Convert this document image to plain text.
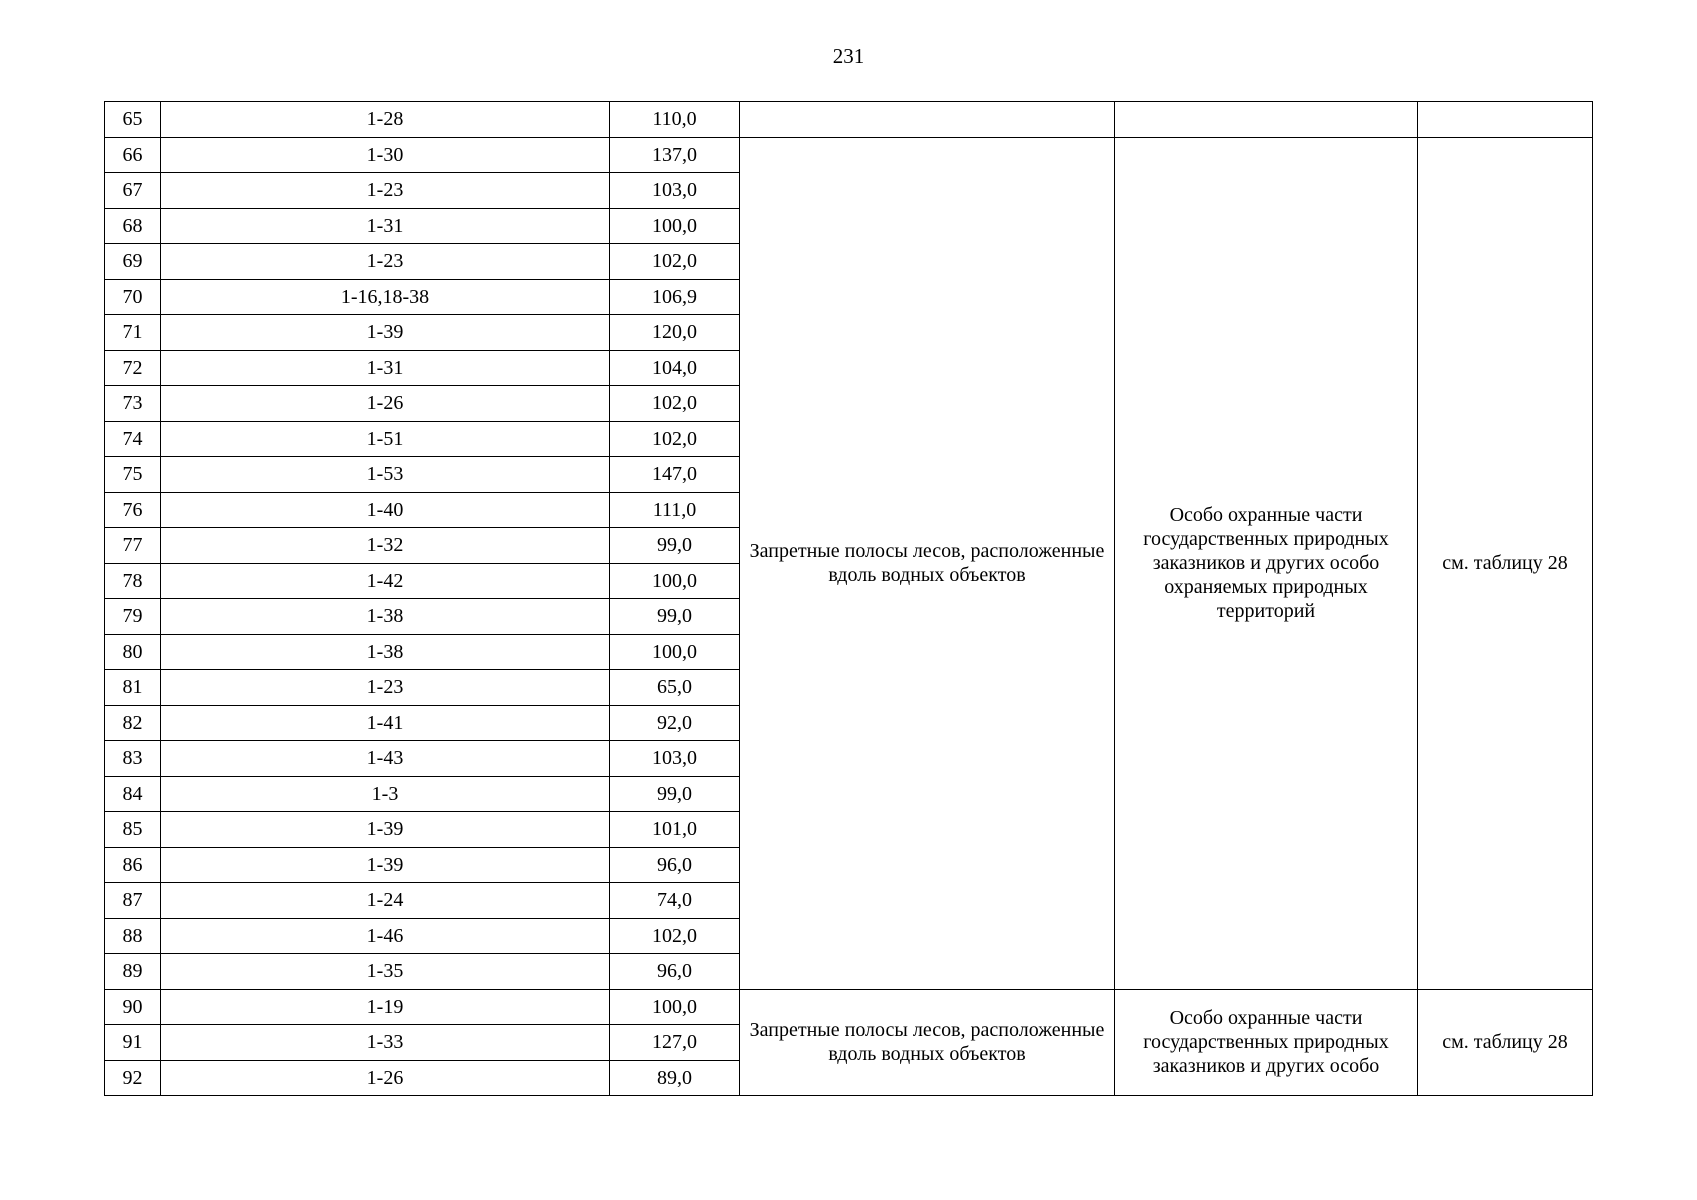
231
65	1-28	110,0			
66	1-30	137,0	Запретные полосы лесов, расположенные вдоль водных объектов	Особо охранные части государственных природных заказников и других особо охраняемых природных территорий	см. таблицу 28
67	1-23	103,0			
68	1-31	100,0			
69	1-23	102,0			
70	1-16,18-38	106,9			
71	1-39	120,0			
72	1-31	104,0			
73	1-26	102,0			
74	1-51	102,0			
75	1-53	147,0			
76	1-40	111,0			
77	1-32	99,0			
78	1-42	100,0			
79	1-38	99,0			
80	1-38	100,0			
81	1-23	65,0			
82	1-41	92,0			
83	1-43	103,0			
84	1-3	99,0			
85	1-39	101,0			
86	1-39	96,0			
87	1-24	74,0			
88	1-46	102,0			
89	1-35	96,0			
90	1-19	100,0	Запретные полосы лесов, расположенные вдоль водных объектов	Особо охранные части государственных природных заказников и других особо	см. таблицу 28
91	1-33	127,0			
92	1-26	89,0			
